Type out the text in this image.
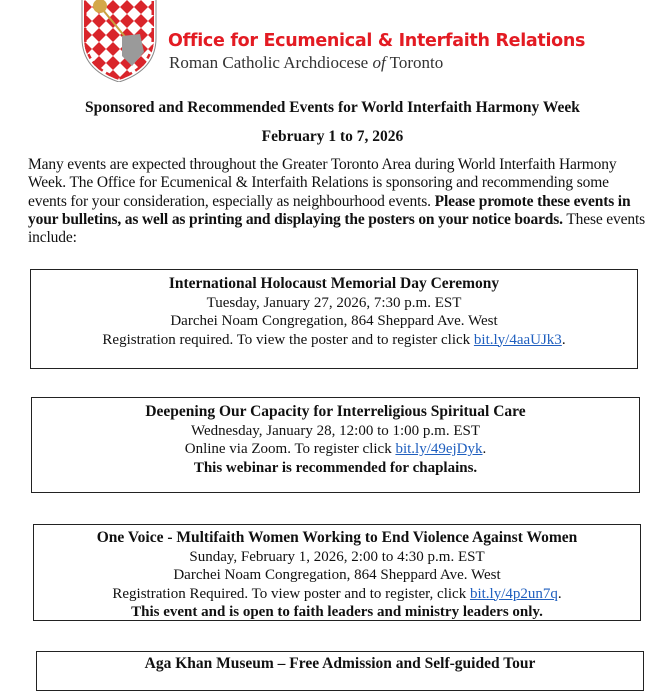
Office for Ecumenical & Interfaith Relations
Roman Catholic Archdiocese of Toronto
Sponsored and Recommended Events for World Interfaith Harmony Week
February 1 to 7, 2026
Many events are expected throughout the Greater Toronto Area during World Interfaith Harmony Week. The Office for Ecumenical & Interfaith Relations is sponsoring and recommending some events for your consideration, especially as neighbourhood events. Please promote these events in your bulletins, as well as printing and displaying the posters on your notice boards. These events include:
International Holocaust Memorial Day Ceremony
Tuesday, January 27, 2026, 7:30 p.m. EST
Darchei Noam Congregation, 864 Sheppard Ave. West
Registration required. To view the poster and to register click bit.ly/4aaUJk3.
Deepening Our Capacity for Interreligious Spiritual Care
Wednesday, January 28, 12:00 to 1:00 p.m. EST
Online via Zoom. To register click bit.ly/49ejDyk.
This webinar is recommended for chaplains.
One Voice - Multifaith Women Working to End Violence Against Women
Sunday, February 1, 2026, 2:00 to 4:30 p.m. EST
Darchei Noam Congregation, 864 Sheppard Ave. West
Registration Required. To view poster and to register, click bit.ly/4p2un7q.
This event and is open to faith leaders and ministry leaders only.
Aga Khan Museum – Free Admission and Self-guided Tour
